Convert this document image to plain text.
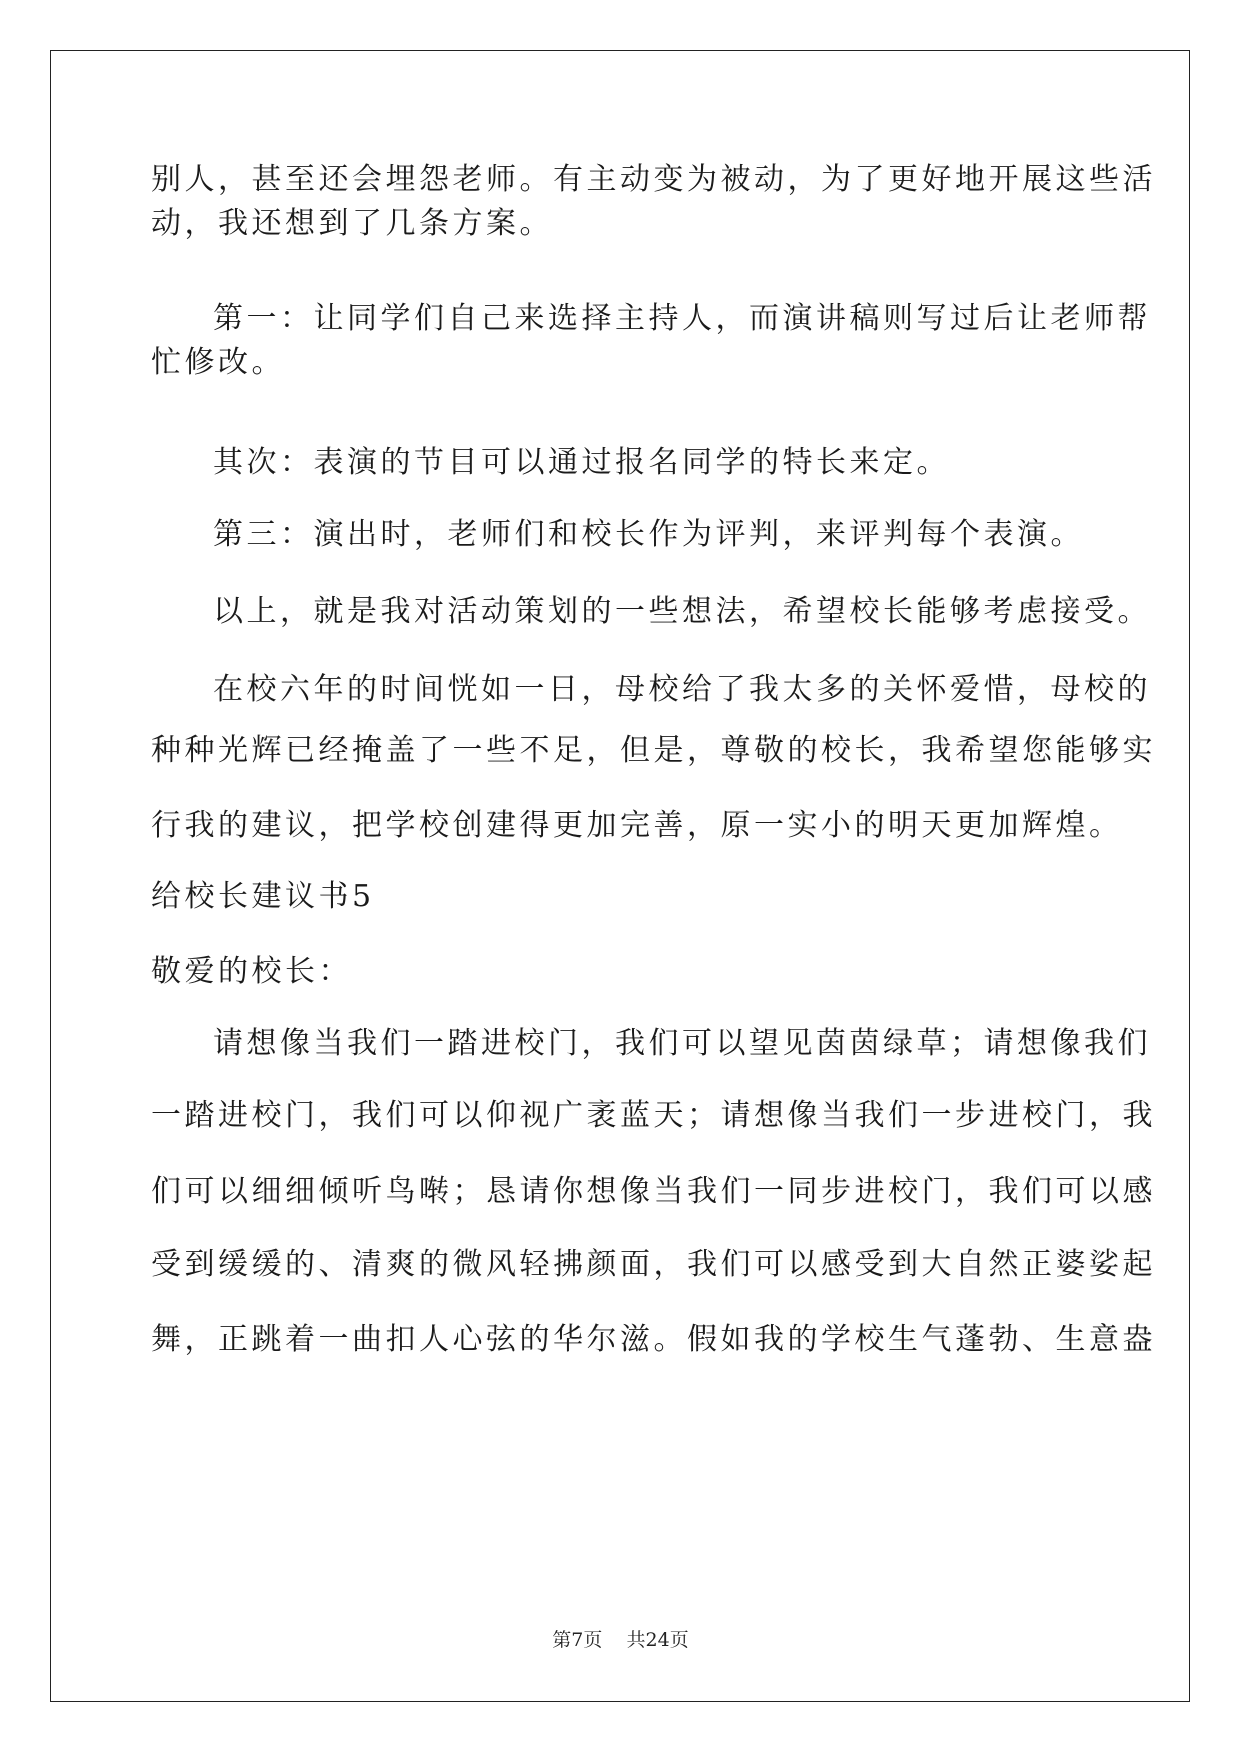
别人，甚至还会埋怨老师。有主动变为被动，为了更好地开展这些活
动，我还想到了几条方案。
第一：让同学们自己来选择主持人，而演讲稿则写过后让老师帮
忙修改。
其次：表演的节目可以通过报名同学的特长来定。
第三：演出时，老师们和校长作为评判，来评判每个表演。
以上，就是我对活动策划的一些想法，希望校长能够考虑接受。
在校六年的时间恍如一日，母校给了我太多的关怀爱惜，母校的
种种光辉已经掩盖了一些不足，但是，尊敬的校长，我希望您能够实
行我的建议，把学校创建得更加完善，原一实小的明天更加辉煌。
给校长建议书5
敬爱的校长：
请想像当我们一踏进校门，我们可以望见茵茵绿草；请想像我们
一踏进校门，我们可以仰视广袤蓝天；请想像当我们一步进校门，我
们可以细细倾听鸟啭；恳请你想像当我们一同步进校门，我们可以感
受到缓缓的、清爽的微风轻拂颜面，我们可以感受到大自然正婆娑起
舞，正跳着一曲扣人心弦的华尔滋。假如我的学校生气蓬勃、生意盎
第7页 共24页
